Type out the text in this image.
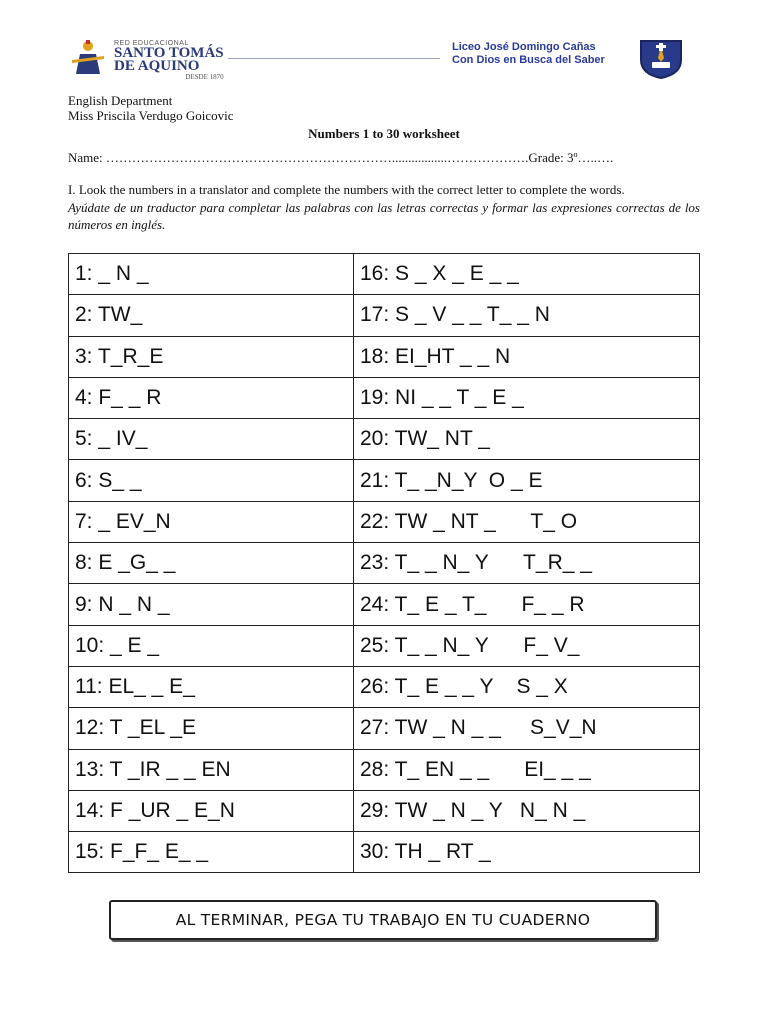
RED EDUCACIONAL
SANTO TOMÁS
DE AQUINO
DESDE 1870
Liceo José Domingo Cañas
Con Dios en Busca del Saber
English Department
Miss Priscila Verdugo Goicovic
Numbers 1 to 30 worksheet
Name: ………………………………………………………….................……………….Grade: 3º…..….
I. Look the numbers in a translator and complete the numbers with the correct letter to complete the words.
Ayúdate de un traductor para completar las palabras con las letras correctas y formar las expresiones correctas de los números en inglés.
1: _ N _	16: S _ X _ E _ _
2: TW_	17: S _ V _ _ T_ _ N
3: T_R_E	18: EI_HT _ _ N
4: F_ _ R	19: NI _ _ T _ E _
5: _ IV_	20: TW_ NT _
6: S_ _	21: T_ _N_Y  O _ E
7: _ EV_N	22: TW _ NT _      T_ O
8: E _G_ _	23: T_ _ N_ Y      T_R_ _
9: N _ N _	24: T_ E _ T_      F_ _ R
10: _ E _	25: T_ _ N_ Y      F_ V_
11: EL_ _ E_	26: T_ E _ _ Y    S _ X
12: T _EL _E	27: TW _ N _ _     S_V_N
13: T _IR _ _ EN	28: T_ EN _ _      EI_ _ _
14: F _UR _ E_N	29: TW _ N _ Y   N_ N _
15: F_F_ E_ _	30: TH _ RT _
AL TERMINAR, PEGA TU TRABAJO EN TU CUADERNO
